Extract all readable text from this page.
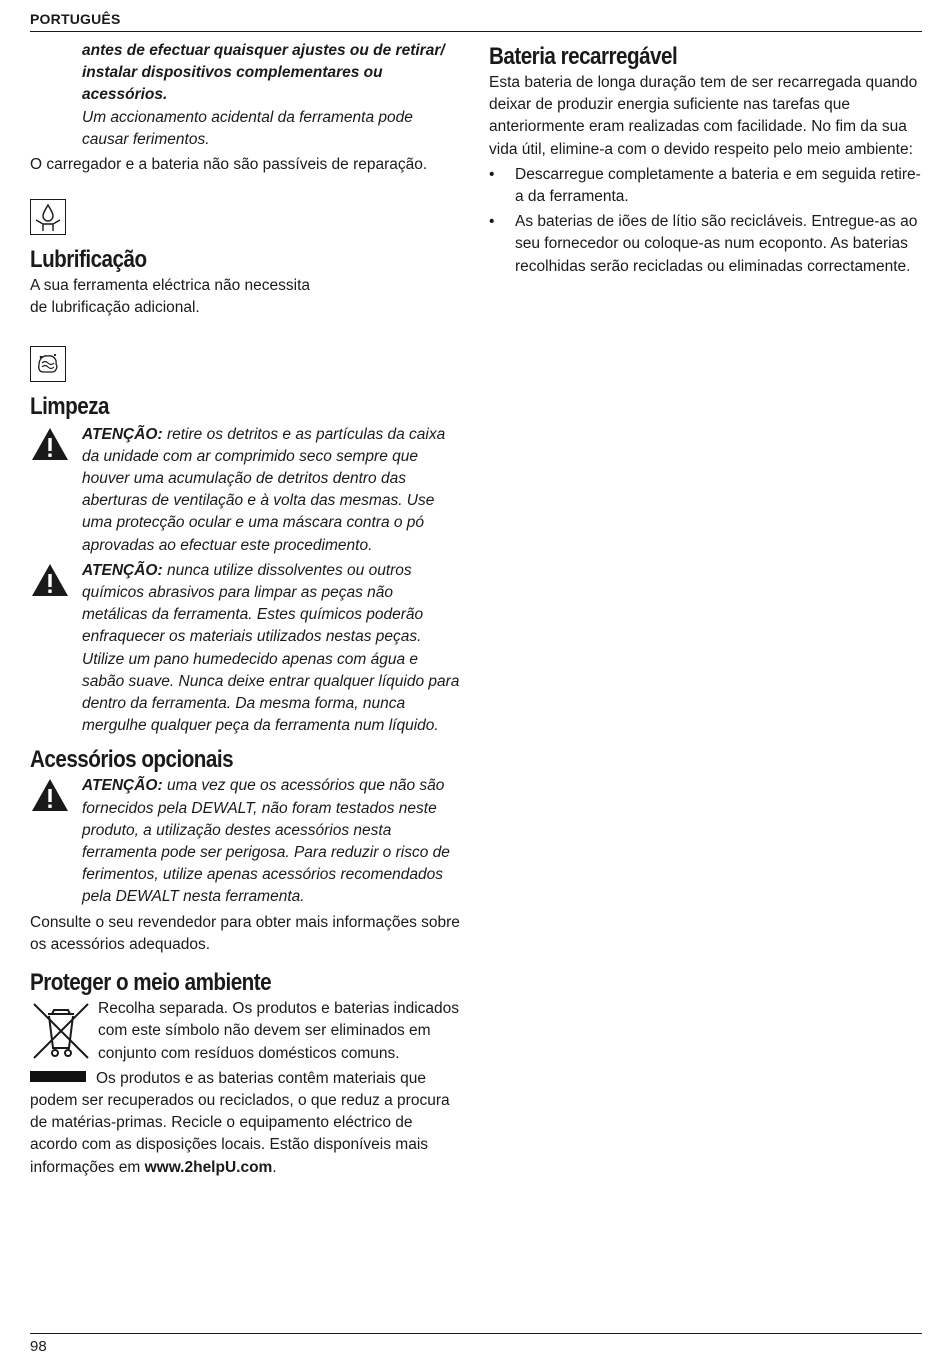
PORTUGUÊS

antes de efectuar quaisquer ajustes ou de retirar/ instalar dispositivos complementares ou acessórios.

Um accionamento acidental da ferramenta pode causar ferimentos.

O carregador e a bateria não são passíveis de reparação.

Lubrificação

A sua ferramenta eléctrica não necessita de lubrificação adicional.

Limpeza
ATENÇÃO: retire os detritos e as partículas da caixa da unidade com ar comprimido seco sempre que houver uma acumulação de detritos dentro das aberturas de ventilação e à volta das mesmas. Use uma protecção ocular e uma máscara contra o pó aprovadas ao efectuar este procedimento.
ATENÇÃO: nunca utilize dissolventes ou outros químicos abrasivos para limpar as peças não metálicas da ferramenta. Estes químicos poderão enfraquecer os materiais utilizados nestas peças. Utilize um pano humedecido apenas com água e sabão suave. Nunca deixe entrar qualquer líquido para dentro da ferramenta. Da mesma forma, nunca mergulhe qualquer peça da ferramenta num líquido.
Acessórios opcionais
ATENÇÃO: uma vez que os acessórios que não são fornecidos pela DEWALT, não foram testados neste produto, a utilização destes acessórios nesta ferramenta pode ser perigosa. Para reduzir o risco de ferimentos, utilize apenas acessórios recomendados pela DEWALT nesta ferramenta.

Consulte o seu revendedor para obter mais informações sobre os acessórios adequados.

Proteger o meio ambiente

Recolha separada. Os produtos e baterias indicados com este símbolo não devem ser eliminados em conjunto com resíduos domésticos comuns.

Os produtos e as baterias contêm materiais que podem ser recuperados ou reciclados, o que reduz a procura de matérias-primas. Recicle o equipamento eléctrico de acordo com as disposições locais. Estão disponíveis mais informações em www.2helpU.com.

Bateria recarregável

Esta bateria de longa duração tem de ser recarregada quando deixar de produzir energia suficiente nas tarefas que anteriormente eram realizadas com facilidade. No fim da sua vida útil, elimine-a com o devido respeito pelo meio ambiente:

• Descarregue completamente a bateria e em seguida retire-a da ferramenta.
• As baterias de iões de lítio são recicláveis. Entregue-as ao seu fornecedor ou coloque-as num ecoponto. As baterias recolhidas serão recicladas ou eliminadas correctamente.
98
